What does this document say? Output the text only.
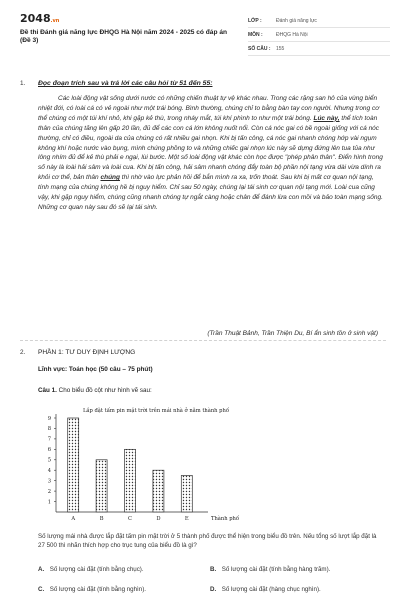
2048.vn
Đề thi Đánh giá năng lực ĐHQG Hà Nội năm 2024 - 2025 có đáp án (Đề 3)
LỚP :	Đánh giá năng lực
MÔN :	ĐHQG Hà Nội
SỐ CÂU : 155
1. Đọc đoạn trích sau và trả lời các câu hỏi từ 51 đến 55:
Các loài động vật sống dưới nước có những chiến thuật tự vệ khác nhau. Trong các rặng san hô của vùng biển nhiệt đới, có loài cá có vẻ ngoài như một trái bóng. Bình thường, chúng chỉ to bằng bàn tay con người. Nhưng trong cơ thể chúng có một túi khí nhỏ, khi gặp kẻ thù, trong nháy mắt, túi khí phình to như một trái bóng. Lúc này, thể tích toàn thân của chúng tăng lên gấp 20 lần, đủ để các con cá lớn không nuốt nổi. Còn cá nóc gai có bề ngoài giống với cá nóc thường, chỉ có điều, ngoài da của chúng có rất nhiều gai nhọn. Khi bị tấn công, cá nóc gai nhanh chóng hớp vài ngụm không khí hoặc nước vào bụng, mình chúng phồng to và những chiếc gai nhọn lúc này sẽ dựng đứng lên tua tủa như lông nhím đủ để kẻ thù phải e ngại, lùi bước. Một số loài động vật khác còn học được "phép phân thân". Điển hình trong số này là loài hải sâm và loài cua. Khi bị tấn công, hải sâm nhanh chóng đẩy toàn bộ phần nội tạng vừa dài vừa dính ra khỏi cơ thể, bản thân chúng thì nhờ vào lực phản hồi để bắn mình ra xa, trốn thoát. Sau khi bị mất cơ quan nội tạng, tính mạng của chúng không hề bị nguy hiểm. Chỉ sau 50 ngày, chúng lại tái sinh cơ quan nội tạng mới. Loài cua cũng vậy, khi gặp nguy hiểm, chúng cũng nhanh chóng tự ngắt càng hoặc chân để đánh lừa con mồi và bảo toàn mạng sống. Những cơ quan này sau đó sẽ lại tái sinh.
(Trần Thuật Bảnh, Trần Thiện Du, Bí ẩn sinh tồn ở sinh vật)
2. PHẦN 1: TƯ DUY ĐỊNH LƯỢNG
Lĩnh vực: Toán học (50 câu – 75 phút)
Câu 1. Cho biểu đồ cột như hình vẽ sau:
Lắp đặt tấm pin mặt trời trên mái nhà ở năm thành phố
1
2
3
4
5
6
7
8
9
A	B	C	D	E	Thành phố
Số lượng mái nhà được lắp đặt tấm pin mặt trời ở 5 thành phố được thể hiện trong biểu đồ trên. Nếu tổng số lượt lắp đặt là 27 500 thì nhãn thích hợp cho trục tung của biểu đồ là gì?
A. Số lượng cài đặt (tính bằng chục).	B. Số lượng cài đặt (tính bằng hàng trăm).
C. Số lượng cài đặt (tính bằng nghìn).	D. Số lượng cài đặt (hàng chục nghìn).
